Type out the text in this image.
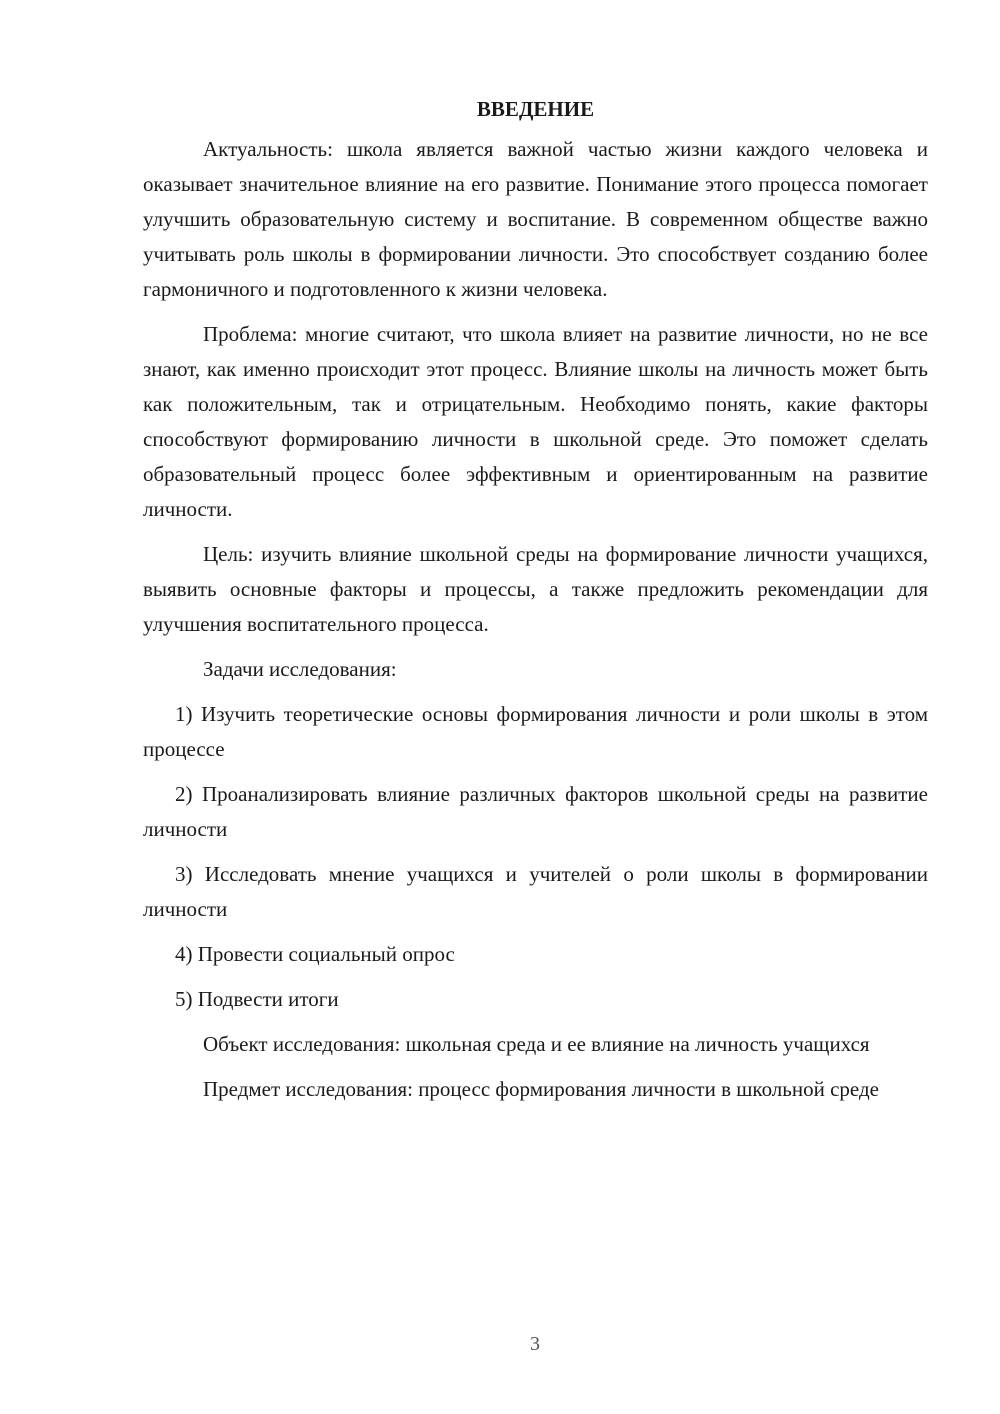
ВВЕДЕНИЕ

Актуальность: школа является важной частью жизни каждого человека и оказывает значительное влияние на его развитие. Понимание этого процесса помогает улучшить образовательную систему и воспитание. В современном обществе важно учитывать роль школы в формировании личности. Это способствует созданию более гармоничного и подготовленного к жизни человека.

Проблема: многие считают, что школа влияет на развитие личности, но не все знают, как именно происходит этот процесс. Влияние школы на личность может быть как положительным, так и отрицательным. Необходимо понять, какие факторы способствуют формированию личности в школьной среде. Это поможет сделать образовательный процесс более эффективным и ориентированным на развитие личности.

Цель: изучить влияние школьной среды на формирование личности учащихся, выявить основные факторы и процессы, а также предложить рекомендации для улучшения воспитательного процесса.

Задачи исследования:

1) Изучить теоретические основы формирования личности и роли школы в этом процессе

2) Проанализировать влияние различных факторов школьной среды на развитие личности

3) Исследовать мнение учащихся и учителей о роли школы в формировании личности

4) Провести социальный опрос

5) Подвести итоги

Объект исследования: школьная среда и ее влияние на личность учащихся

Предмет исследования: процесс формирования личности в школьной среде

3
